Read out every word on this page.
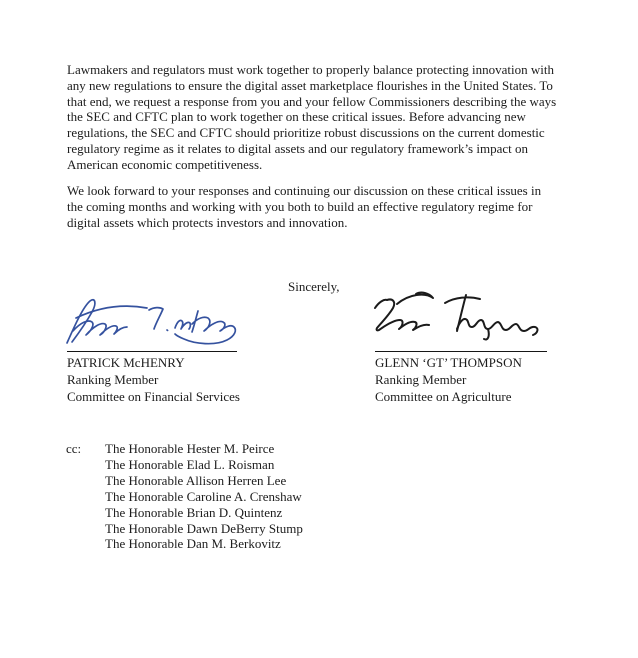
Lawmakers and regulators must work together to properly balance protecting innovation with
any new regulations to ensure the digital asset marketplace flourishes in the United States. To
that end, we request a response from you and your fellow Commissioners describing the ways
the SEC and CFTC plan to work together on these critical issues. Before advancing new
regulations, the SEC and CFTC should prioritize robust discussions on the current domestic
regulatory regime as it relates to digital assets and our regulatory framework’s impact on
American economic competitiveness.
We look forward to your responses and continuing our discussion on these critical issues in
the coming months and working with you both to build an effective regulatory regime for
digital assets which protects investors and innovation.
Sincerely,
PATRICK McHENRY
Ranking Member
Committee on Financial Services
GLENN ‘GT’ THOMPSON
Ranking Member
Committee on Agriculture
cc: The Honorable Hester M. Peirce
The Honorable Elad L. Roisman
The Honorable Allison Herren Lee
The Honorable Caroline A. Crenshaw
The Honorable Brian D. Quintenz
The Honorable Dawn DeBerry Stump
The Honorable Dan M. Berkovitz
